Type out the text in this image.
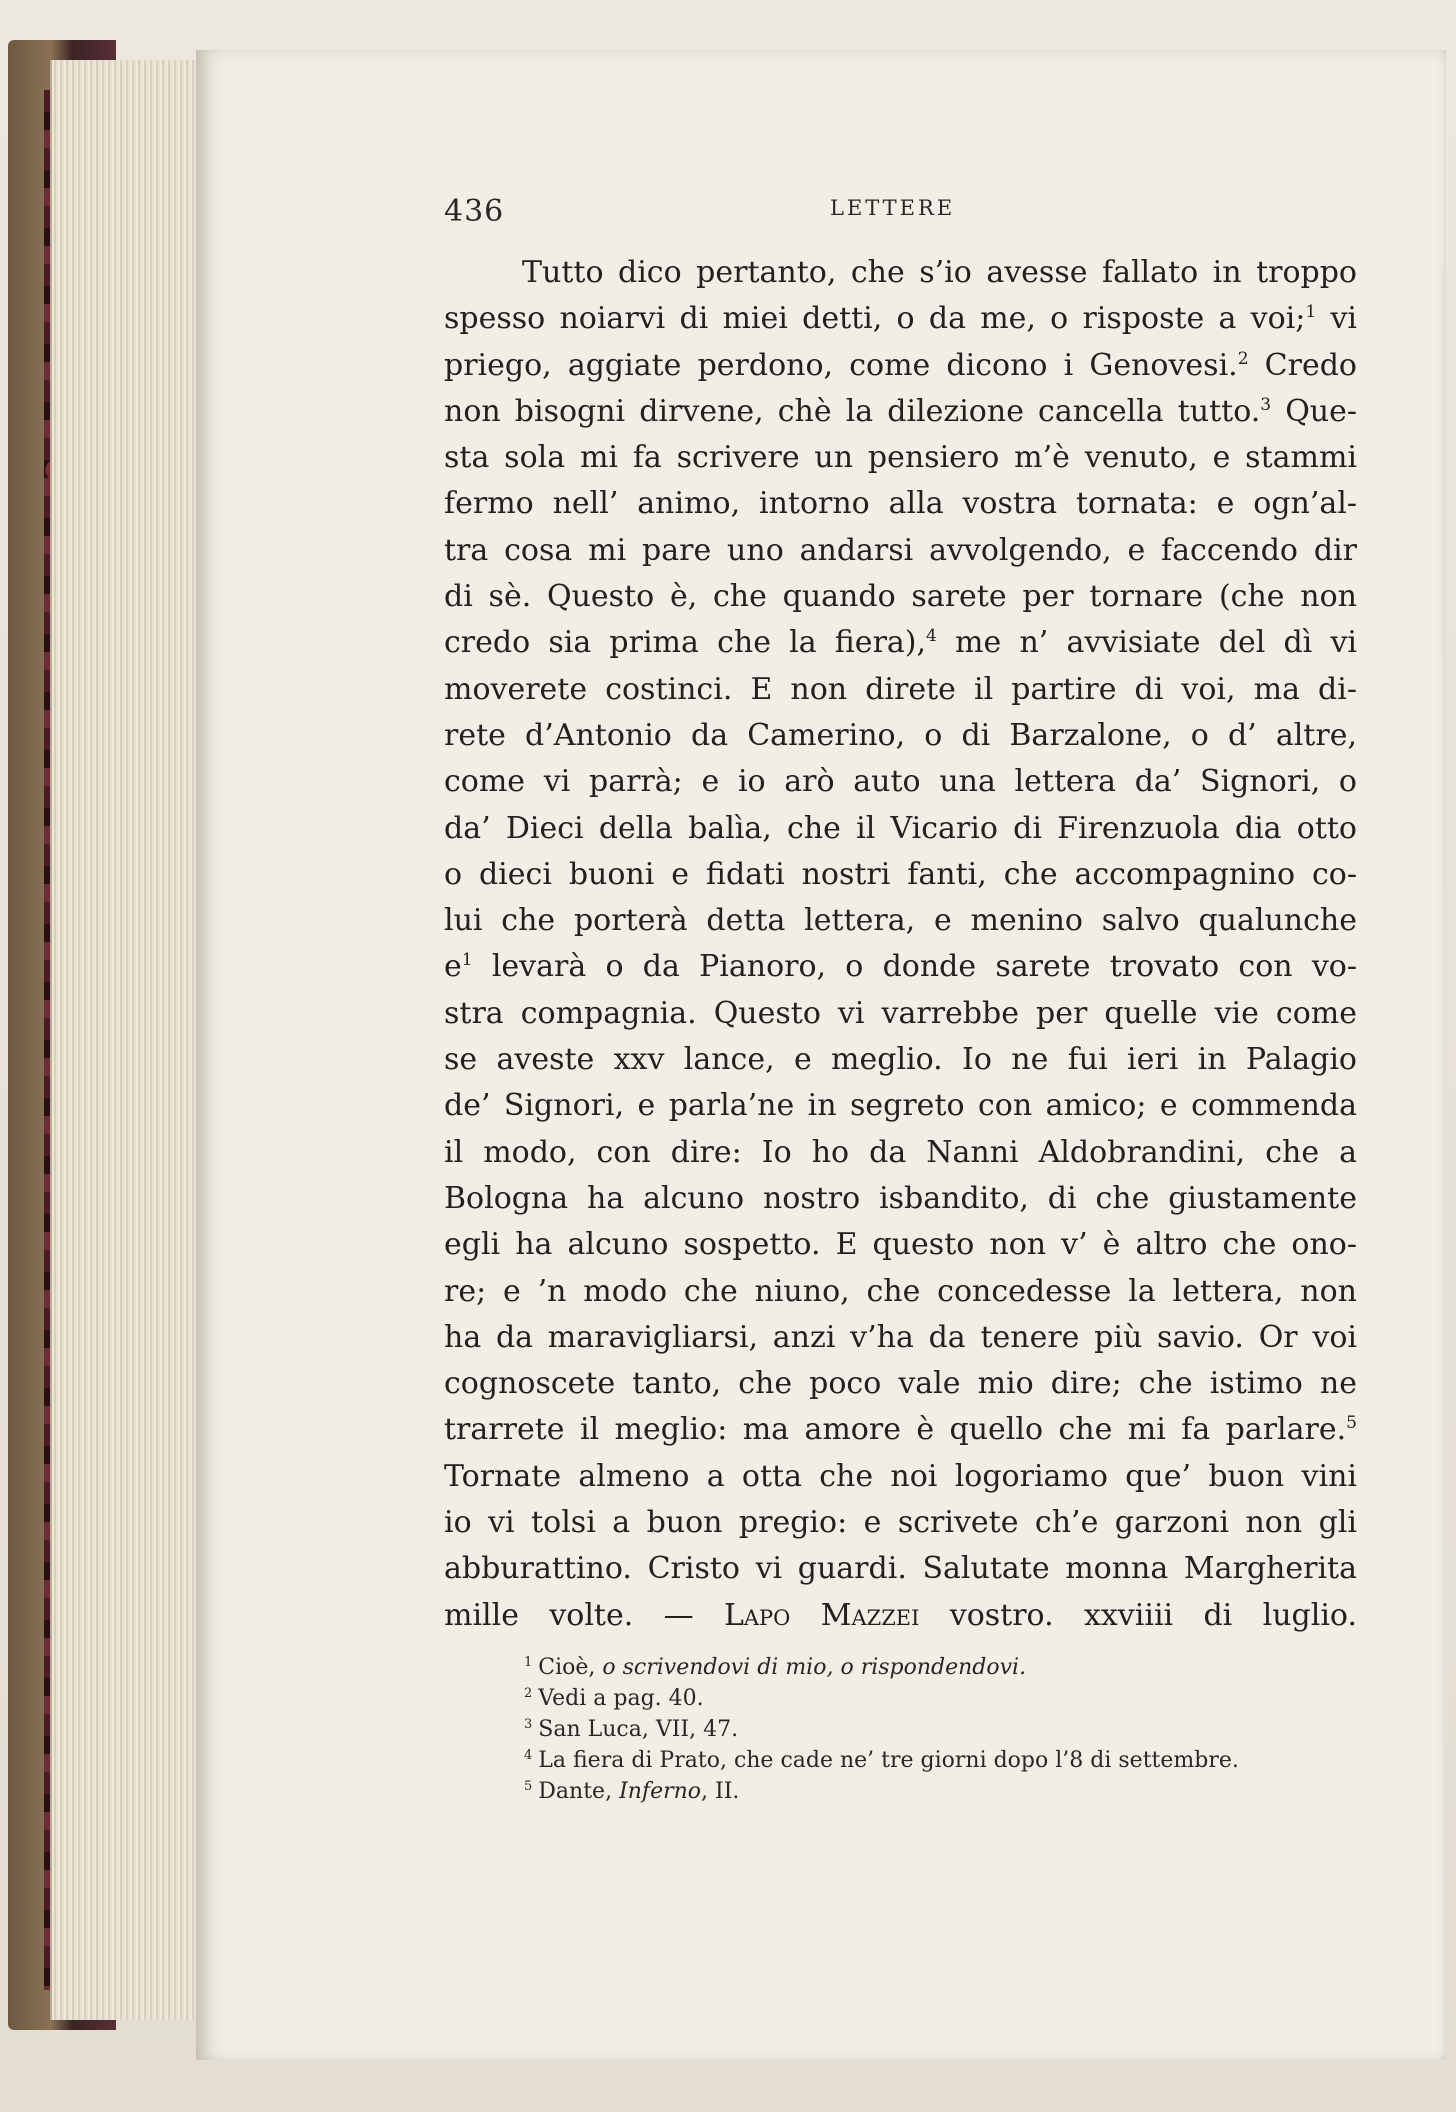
436	LETTERE
Tutto dico pertanto, che s’io avesse fallato in troppo
spesso noiarvi di miei detti, o da me, o risposte a voi;$^1$ vi
priego, aggiate perdono, come dicono i Genovesi.$^2$ Credo
non bisogni dirvene, chè la dilezione cancella tutto.$^3$ Que-
sta sola mi fa scrivere un pensiero m’è venuto, e stammi
fermo nell’ animo, intorno alla vostra tornata: e ogn’al-
tra cosa mi pare uno andarsi avvolgendo, e faccendo dir
di sè. Questo è, che quando sarete per tornare (che non
credo sia prima che la fiera),$^4$ me n’ avvisiate del dì vi
moverete costinci. E non direte il partire di voi, ma di-
rete d’Antonio da Camerino, o di Barzalone, o d’ altre,
come vi parrà; e io arò auto una lettera da’ Signori, o
da’ Dieci della balìa, che il Vicario di Firenzuola dia otto
o dieci buoni e fidati nostri fanti, che accompagnino co-
lui che porterà detta lettera, e menino salvo qualunche
$e^1$ levarà o da Pianoro, o donde sarete trovato con vo-
stra compagnia. Questo vi varrebbe per quelle vie come
se aveste xxv lance, e meglio. Io ne fui ieri in Palagio
de’ Signori, e parla’ne in segreto con amico; e commenda
il modo, con dire: Io ho da Nanni Aldobrandini, che a
Bologna ha alcuno nostro isbandito, di che giustamente
egli ha alcuno sospetto. E questo non v’ è altro che ono-
re; e ’n modo che niuno, che concedesse la lettera, non
ha da maravigliarsi, anzi v’ha da tenere più savio. Or voi
cognoscete tanto, che poco vale mio dire; che istimo ne
trarrete il meglio: ma amore è quello che mi fa parlare.$^5$
Tornate almeno a otta che noi logoriamo que’ buon vini
io vi tolsi a buon pregio: e scrivete ch’e garzoni non gli
abburattino. Cristo vi guardi. Salutate monna Margherita
mille volte. — Lapo Mazzei vostro. xxviiii di luglio.
$^1$ Cioè, o scrivendovi di mio, o rispondendovi.
$^2$ Vedi a pag. 40.
$^3$ San Luca, VII, 47.
$^4$ La fiera di Prato, che cade ne’ tre giorni dopo l’8 di settembre.
$^5$ Dante, Inferno, II.
